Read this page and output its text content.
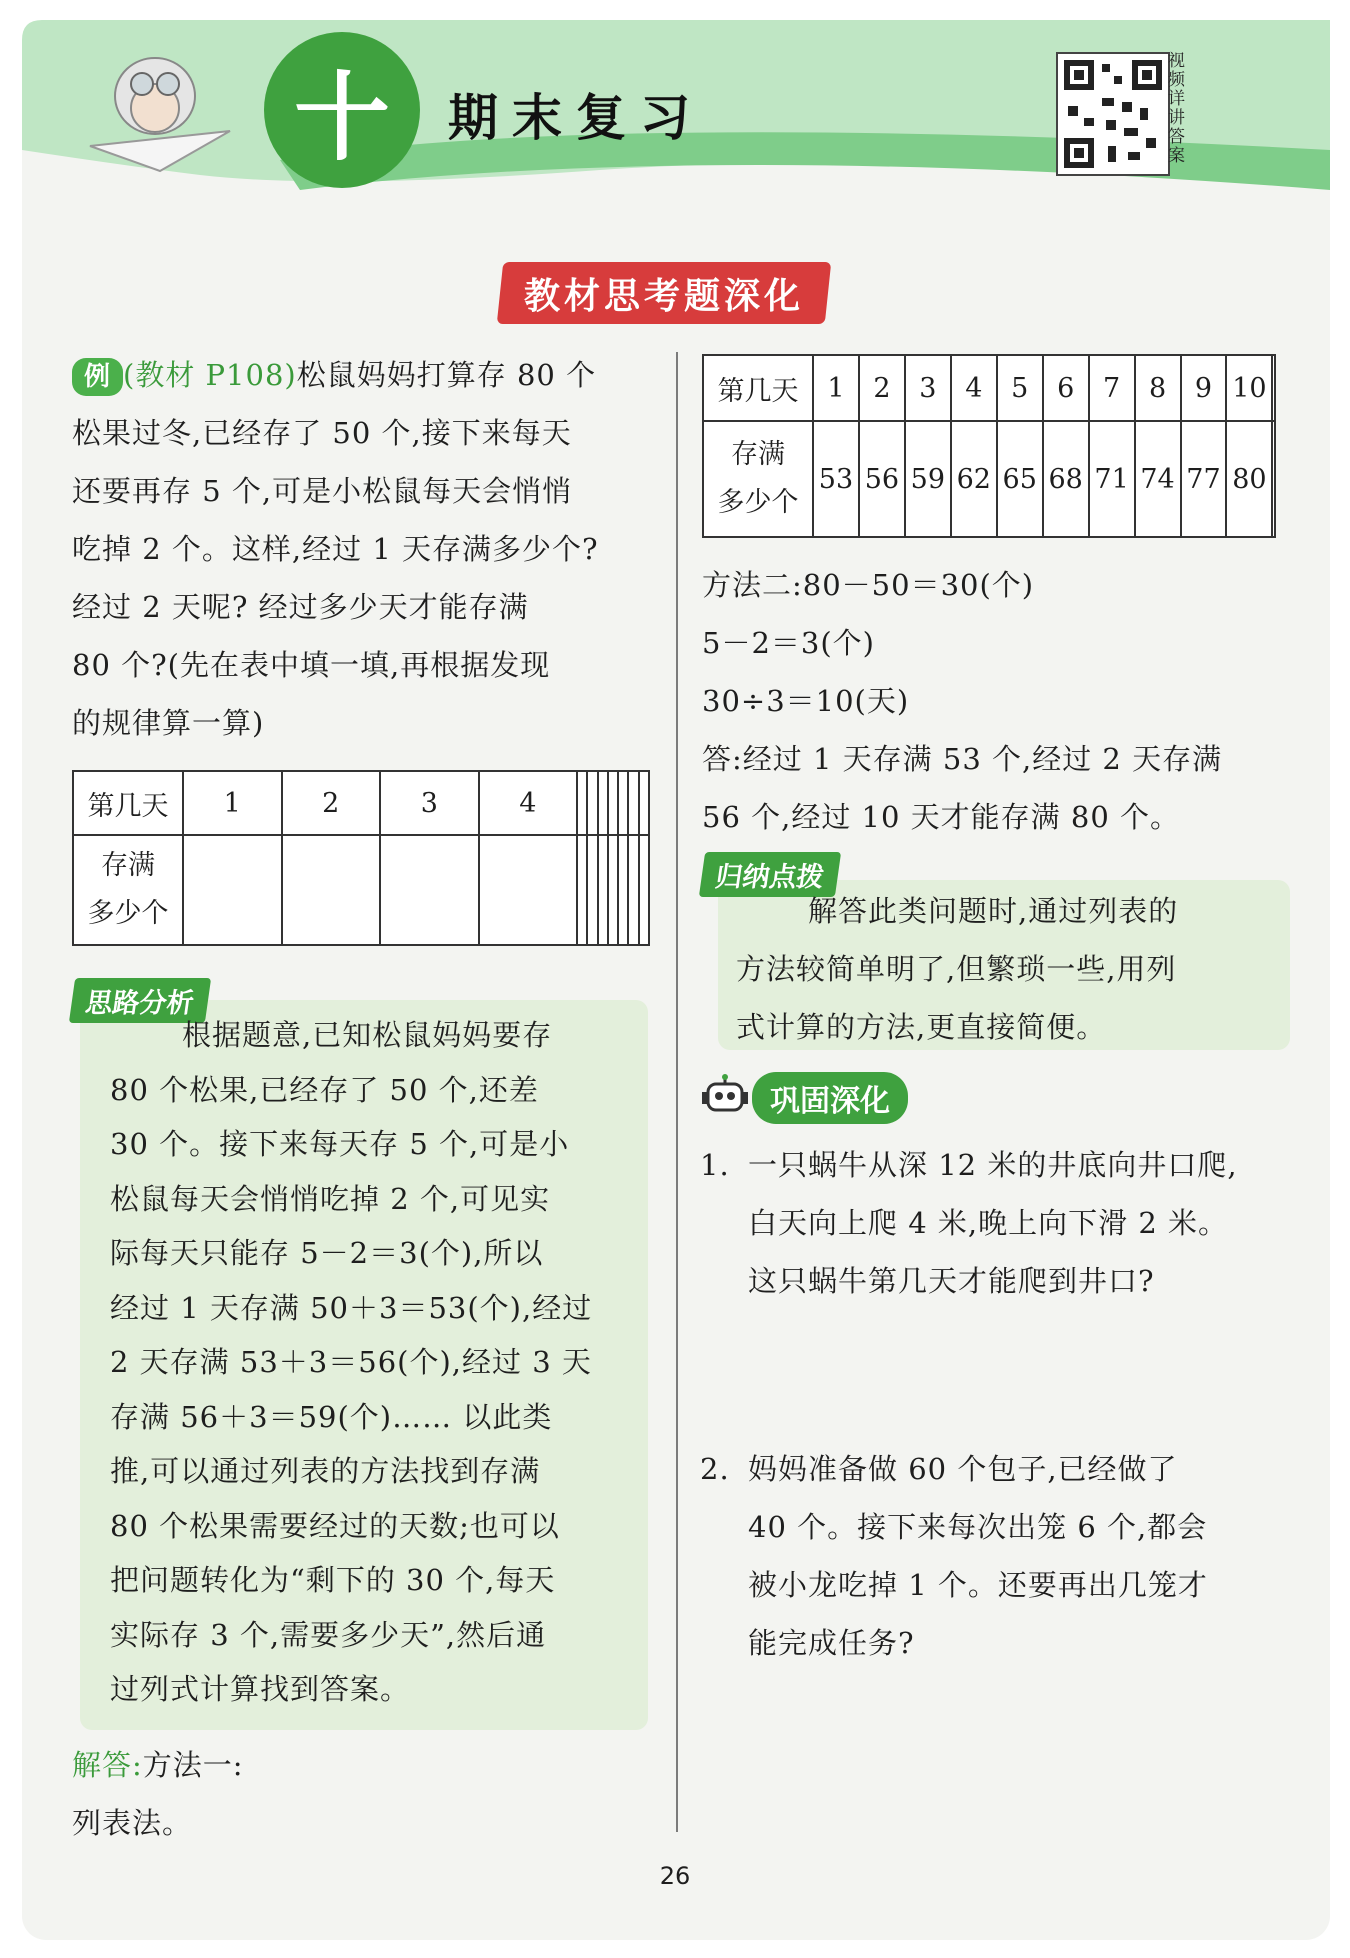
十	期末复习
视频详讲答案
教材思考题深化
例 (教材 P108)松鼠妈妈打算存 80 个
松果过冬,已经存了 50 个,接下来每天
还要再存 5 个,可是小松鼠每天会悄悄
吃掉 2 个。这样,经过 1 天存满多少个?
经过 2 天呢? 经过多少天才能存满
80 个?(先在表中填一填,再根据发现
的规律算一算)
第几天	1	2	3	4							

存满
多少个											

思路分析
根据题意,已知松鼠妈妈要存
80 个松果,已经存了 50 个,还差
30 个。接下来每天存 5 个,可是小
松鼠每天会悄悄吃掉 2 个,可见实
际每天只能存 5－2＝3(个),所以
经过 1 天存满 50＋3＝53(个),经过
2 天存满 53＋3＝56(个),经过 3 天
存满 56＋3＝59(个)…… 以此类
推,可以通过列表的方法找到存满
80 个松果需要经过的天数;也可以
把问题转化为“剩下的 30 个,每天
实际存 3 个,需要多少天”,然后通
过列式计算找到答案。
解答:方法一:
列表法。
第几天	1	2	3	4	5	6	7	8	9	10	

存满
多少个	53	56	59	62	65	68	71	74	77	80	
方法二:80－50＝30(个)
5－2＝3(个)
30÷3＝10(天)
答:经过 1 天存满 53 个,经过 2 天存满
56 个,经过 10 天才能存满 80 个。
归纳点拨
解答此类问题时,通过列表的
方法较简单明了,但繁琐一些,用列
式计算的方法,更直接简便。
巩固深化
1. 一只蜗牛从深 12 米的井底向井口爬,
白天向上爬 4 米,晚上向下滑 2 米。
这只蜗牛第几天才能爬到井口?
2. 妈妈准备做 60 个包子,已经做了
40 个。接下来每次出笼 6 个,都会
被小龙吃掉 1 个。还要再出几笼才
能完成任务?
26
